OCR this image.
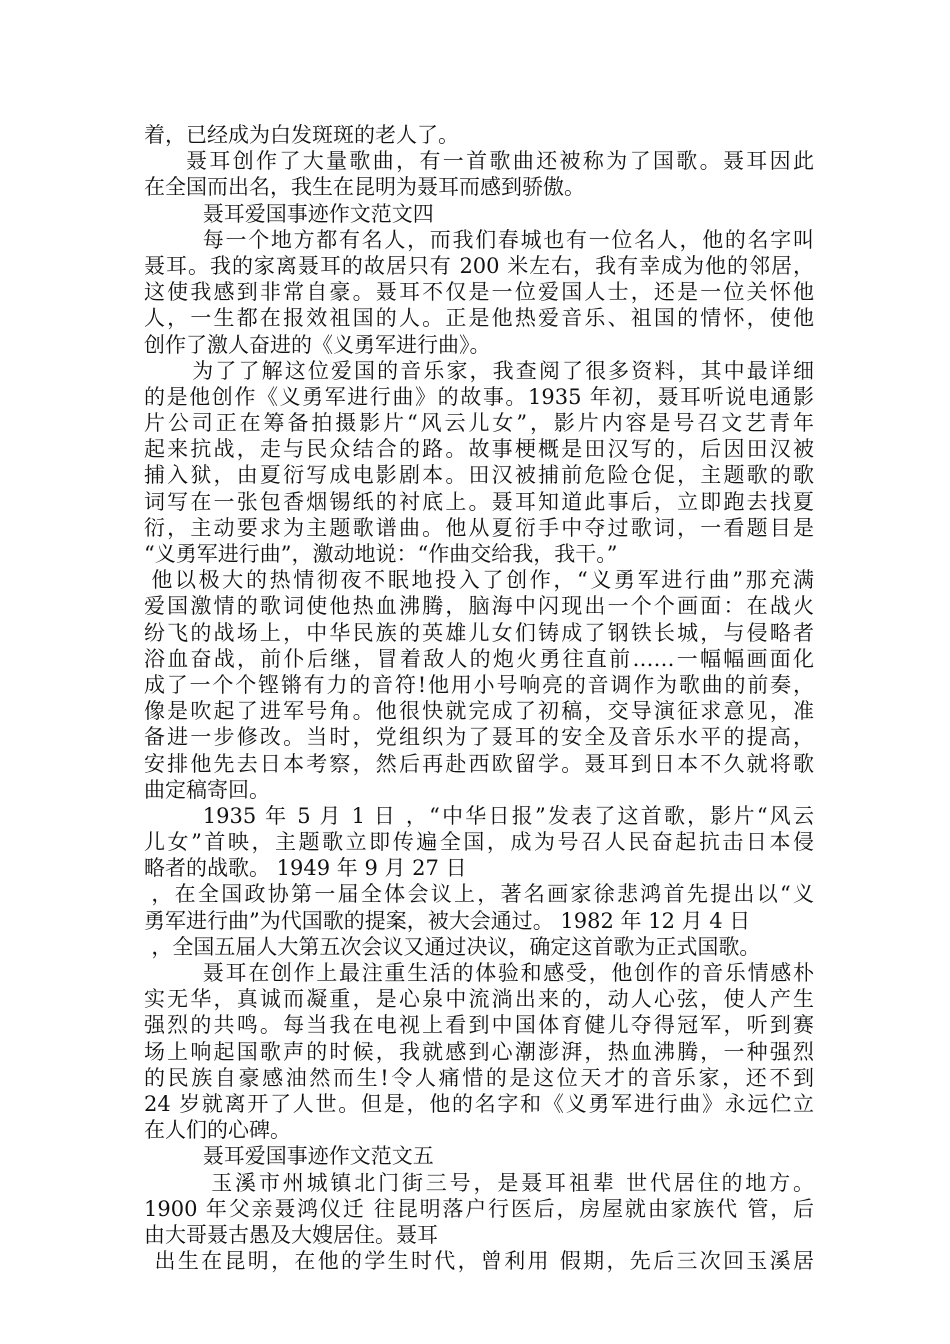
着，已经成为白发斑斑的老人了。
聂耳创作了大量歌曲，有一首歌曲还被称为了国歌。聂耳因此
在全国而出名，我生在昆明为聂耳而感到骄傲。
聂耳爱国事迹作文范文四
每一个地方都有名人，而我们春城也有一位名人，他的名字叫
聂耳。我的家离聂耳的故居只有 200 米左右，我有幸成为他的邻居，
这使我感到非常自豪。聂耳不仅是一位爱国人士，还是一位关怀他
人，一生都在报效祖国的人。正是他热爱音乐、祖国的情怀，使他
创作了激人奋进的《义勇军进行曲》。
为了了解这位爱国的音乐家，我查阅了很多资料，其中最详细
的是他创作《义勇军进行曲》的故事。1935 年初，聂耳听说电通影
片公司正在筹备拍摄影片“风云儿女”，影片内容是号召文艺青年
起来抗战，走与民众结合的路。故事梗概是田汉写的，后因田汉被
捕入狱，由夏衍写成电影剧本。田汉被捕前危险仓促，主题歌的歌
词写在一张包香烟锡纸的衬底上。聂耳知道此事后，立即跑去找夏
衍，主动要求为主题歌谱曲。他从夏衍手中夺过歌词，一看题目是
“义勇军进行曲”，激动地说：“作曲交给我，我干。”
他以极大的热情彻夜不眠地投入了创作，“义勇军进行曲”那充满
爱国激情的歌词使他热血沸腾，脑海中闪现出一个个画面：在战火
纷飞的战场上，中华民族的英雄儿女们铸成了钢铁长城，与侵略者
浴血奋战，前仆后继，冒着敌人的炮火勇往直前……一幅幅画面化
成了一个个铿锵有力的音符!他用小号响亮的音调作为歌曲的前奏，
像是吹起了进军号角。他很快就完成了初稿，交导演征求意见，准
备进一步修改。当时，党组织为了聂耳的安全及音乐水平的提高，
安排他先去日本考察，然后再赴西欧留学。聂耳到日本不久就将歌
曲定稿寄回。
1935 年 5 月 1 日 ，“中华日报”发表了这首歌，影片“风云
儿女”首映，主题歌立即传遍全国，成为号召人民奋起抗击日本侵
略者的战歌。 1949 年 9 月 27 日
，在全国政协第一届全体会议上，著名画家徐悲鸿首先提出以“义
勇军进行曲”为代国歌的提案，被大会通过。 1982 年 12 月 4 日
，全国五届人大第五次会议又通过决议，确定这首歌为正式国歌。
聂耳在创作上最注重生活的体验和感受，他创作的音乐情感朴
实无华，真诚而凝重，是心泉中流淌出来的，动人心弦，使人产生
强烈的共鸣。每当我在电视上看到中国体育健儿夺得冠军，听到赛
场上响起国歌声的时候，我就感到心潮澎湃，热血沸腾，一种强烈
的民族自豪感油然而生!令人痛惜的是这位天才的音乐家，还不到
24 岁就离开了人世。但是，他的名字和《义勇军进行曲》永远伫立
在人们的心碑。
聂耳爱国事迹作文范文五
玉溪市州城镇北门街三号，是聂耳祖辈 世代居住的地方。
1900 年父亲聂鸿仪迁 往昆明落户行医后，房屋就由家族代 管，后
由大哥聂古愚及大嫂居住。聂耳
出生在昆明，在他的学生时代，曾利用 假期，先后三次回玉溪居
